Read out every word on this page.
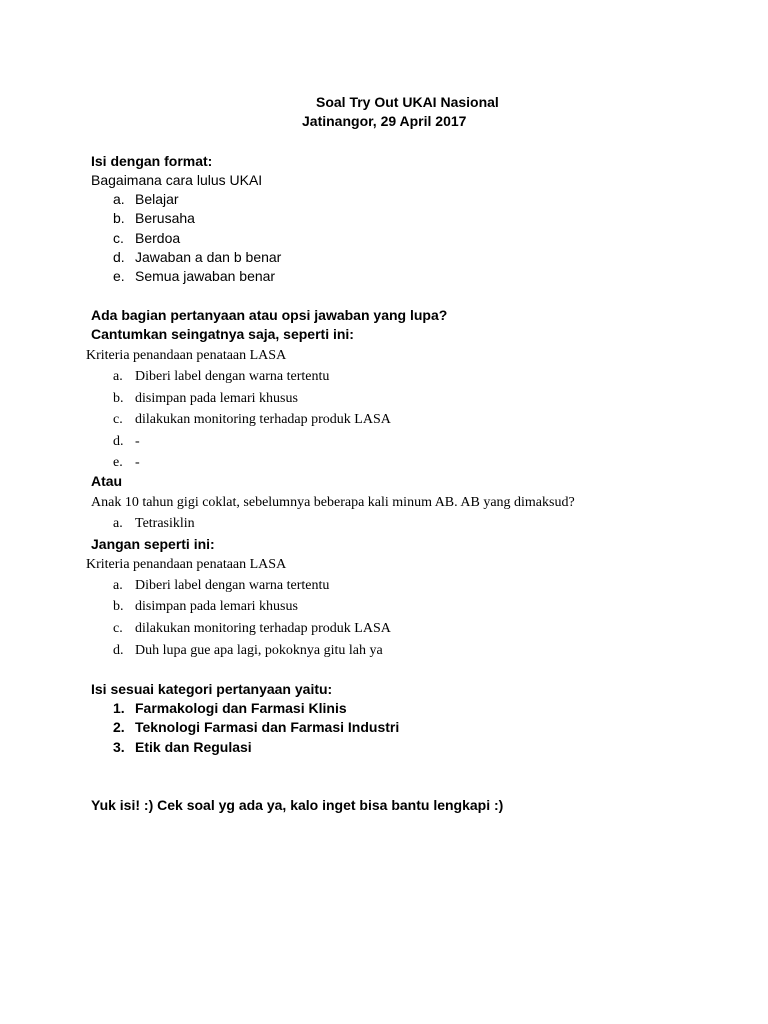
Soal Try Out UKAI Nasional
Jatinangor, 29 April 2017
Isi dengan format:
Bagaimana cara lulus UKAI
a. Belajar
b. Berusaha
c. Berdoa
d. Jawaban a dan b benar
e. Semua jawaban benar
Ada bagian pertanyaan atau opsi jawaban yang lupa?
Cantumkan seingatnya saja, seperti ini:
Kriteria penandaan penataan LASA
a. Diberi label dengan warna tertentu
b. disimpan pada lemari khusus
c. dilakukan monitoring terhadap produk LASA
d. -
e. -
Atau
Anak 10 tahun gigi coklat, sebelumnya beberapa kali minum AB. AB yang dimaksud?
a. Tetrasiklin
Jangan seperti ini:
Kriteria penandaan penataan LASA
a. Diberi label dengan warna tertentu
b. disimpan pada lemari khusus
c. dilakukan monitoring terhadap produk LASA
d. Duh lupa gue apa lagi, pokoknya gitu lah ya
Isi sesuai kategori pertanyaan yaitu:
1. Farmakologi dan Farmasi Klinis
2. Teknologi Farmasi dan Farmasi Industri
3. Etik dan Regulasi
Yuk isi! :) Cek soal yg ada ya, kalo inget bisa bantu lengkapi :)
